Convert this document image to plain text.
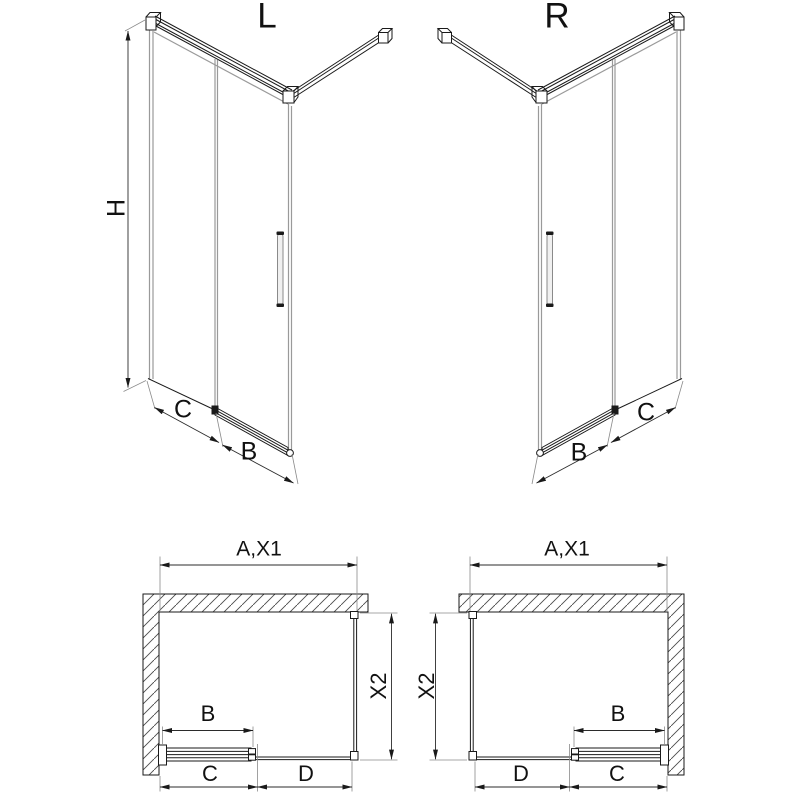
L
H
C
B
R
B
C
A,X1
X2
B
C	D
A,X1
X2
B
D	C
